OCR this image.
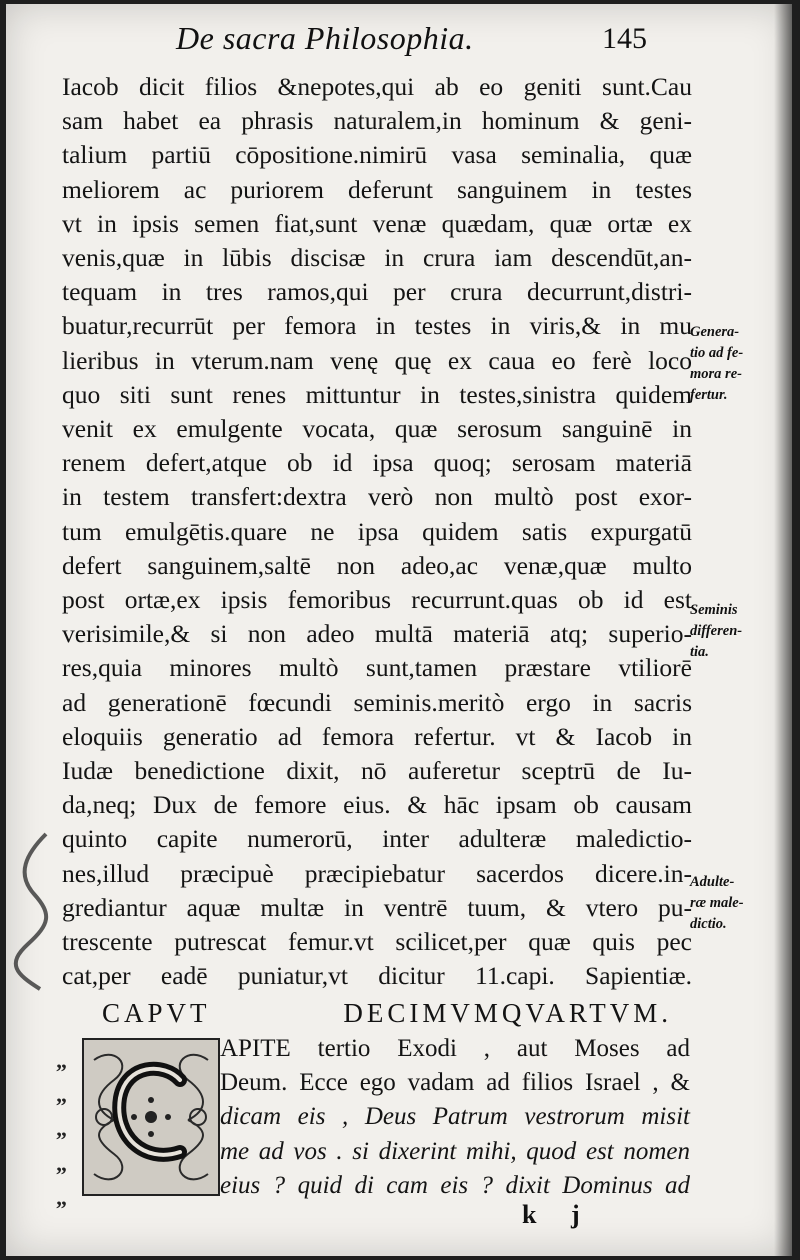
De sacra Philosophia.	145
Iacob dicit filios &nepotes,qui ab eo geniti sunt.Cau
sam habet ea phrasis naturalem,in hominum & geni-
talium partiū cōpositione.nimirū vasa seminalia, quæ
meliorem ac puriorem deferunt sanguinem in testes
vt in ipsis semen fiat,sunt venæ quædam, quæ ortæ ex
venis,quæ in lūbis discisæ in crura iam descendūt,an-
tequam in tres ramos,qui per crura decurrunt,distri-
buatur,recurrūt per femora in testes in viris,& in mu
lieribus in vterum.nam venę quę ex caua eo ferè loco
quo siti sunt renes mittuntur in testes,sinistra quidem
venit ex emulgente vocata, quæ serosum sanguinē in
renem defert,atque ob id ipsa quoq; serosam materiā
in testem transfert:dextra verò non multò post exor-
tum emulgētis.quare ne ipsa quidem satis expurgatū
defert sanguinem,saltē non adeo,ac venæ,quæ multo
post ortæ,ex ipsis femoribus recurrunt.quas ob id est
verisimile,& si non adeo multā materiā atq; superio-
res,quia minores multò sunt,tamen præstare vtiliorē
ad generationē fœcundi seminis.meritò ergo in sacris
eloquiis generatio ad femora refertur. vt & Iacob in
Iudæ benedictione dixit, nō auferetur sceptrū de Iu-
da,neq; Dux de femore eius. & hāc ipsam ob causam
quinto capite numerorū, inter adulteræ maledictio-
nes,illud præcipuè præcipiebatur sacerdos dicere.in-
grediantur aquæ multæ in ventrē tuum, & vtero pu-
trescente putrescat femur.vt scilicet,per quæ quis pec
cat,per eadē puniatur,vt dicitur 11.capi. Sapientiæ.
Genera-
tio ad fe-
mora re-
fertur.
Seminis
differen-
tia.
Adulte-
ræ male-
dictio.
CAPVT DECIMVMQVARTVM.
„
„
„
„
„
APITE tertio Exodi , aut Moses ad
Deum. Ecce ego vadam ad filios Israel , &
dicam eis , Deus Patrum vestrorum misit
me ad vos . si dixerint mihi, quod est nomen
eius ? quid di cam eis ? dixit Dominus ad
k j
